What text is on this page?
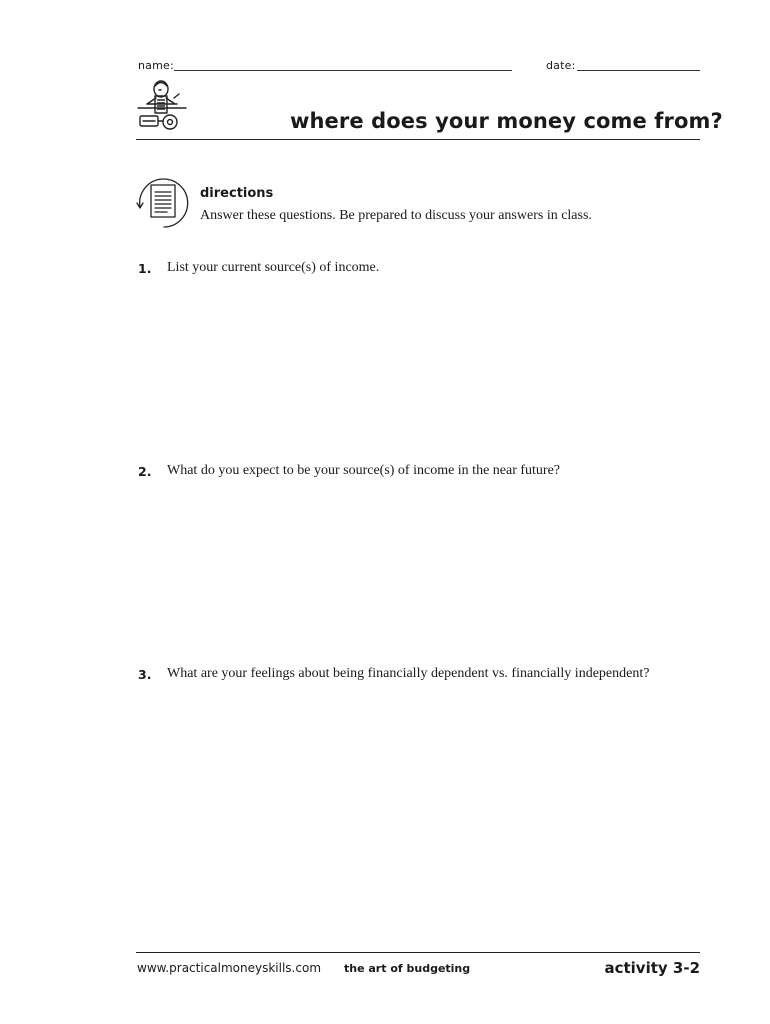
name:	date:
where does your money come from?
directions
Answer these questions. Be prepared to discuss your answers in class.
1. List your current source(s) of income.
2. What do you expect to be your source(s) of income in the near future?
3. What are your feelings about being financially dependent vs. financially independent?
www.practicalmoneyskills.com the art of budgeting	activity 3-2
